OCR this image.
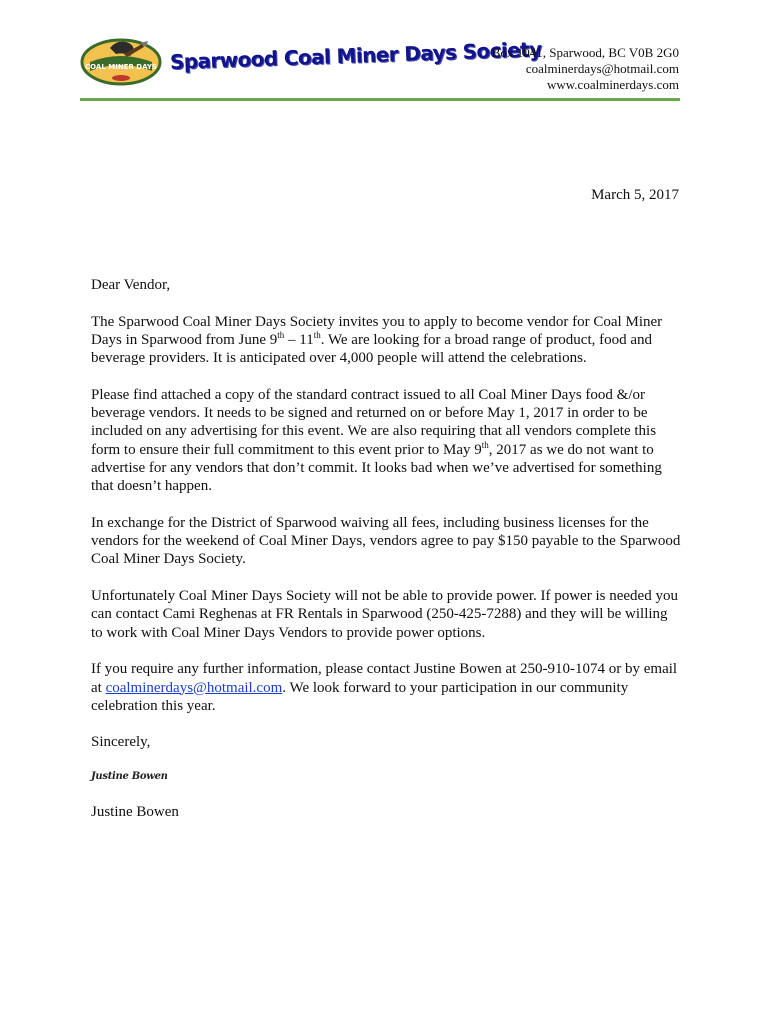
COAL MINER DAYS Sparwood Coal Miner Days Society
Box 1041, Sparwood, BC V0B 2G0
coalminerdays@hotmail.com
www.coalminerdays.com
March 5, 2017

Dear Vendor,

The Sparwood Coal Miner Days Society invites you to apply to become vendor for Coal Miner Days in Sparwood from June 9th – 11th. We are looking for a broad range of product, food and beverage providers. It is anticipated over 4,000 people will attend the celebrations.

Please find attached a copy of the standard contract issued to all Coal Miner Days food &/or beverage vendors. It needs to be signed and returned on or before May 1, 2017 in order to be included on any advertising for this event. We are also requiring that all vendors complete this form to ensure their full commitment to this event prior to May 9th, 2017 as we do not want to advertise for any vendors that don’t commit. It looks bad when we’ve advertised for something that doesn’t happen.

In exchange for the District of Sparwood waiving all fees, including business licenses for the vendors for the weekend of Coal Miner Days, vendors agree to pay $150 payable to the Sparwood Coal Miner Days Society.

Unfortunately Coal Miner Days Society will not be able to provide power. If power is needed you can contact Cami Reghenas at FR Rentals in Sparwood (250-425-7288) and they will be willing to work with Coal Miner Days Vendors to provide power options.

If you require any further information, please contact Justine Bowen at 250-910-1074 or by email at coalminerdays@hotmail.com. We look forward to your participation in our community celebration this year.

Sincerely,

Justine Bowen
Justine Bowen
